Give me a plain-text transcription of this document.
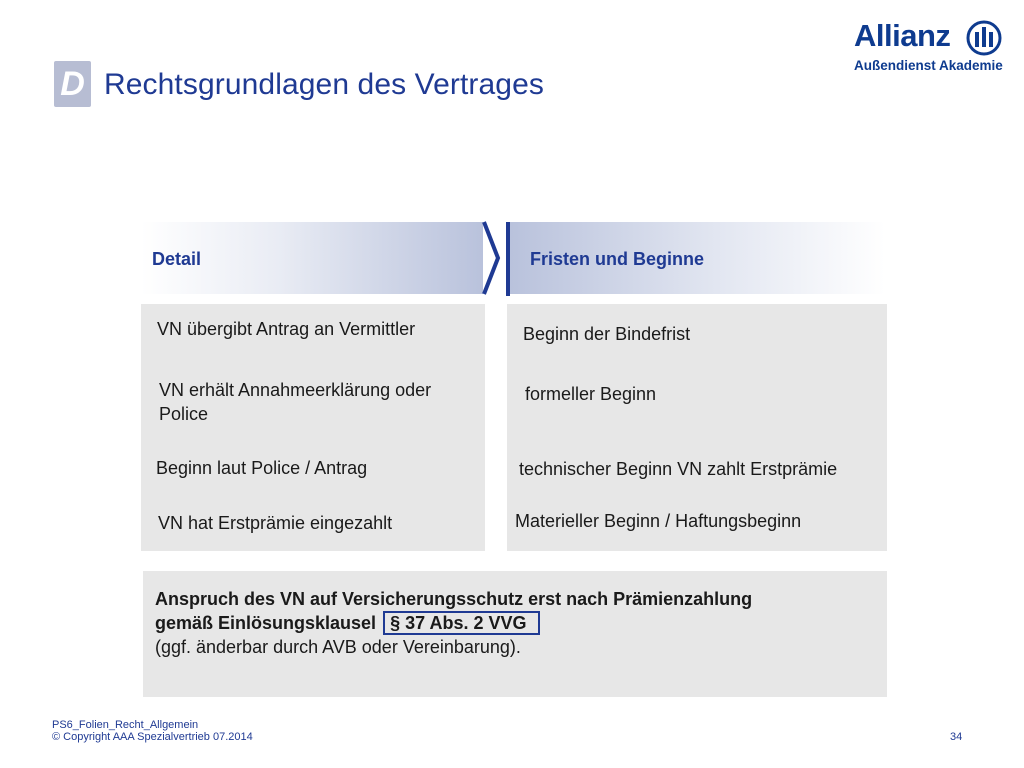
D Rechtsgrundlagen des Vertrages
Allianz
Außendienst Akademie
Detail	Fristen und Beginne
VN übergibt Antrag an Vermittler
VN erhält Annahmeerklärung oder
Police
Beginn laut Police / Antrag
VN hat Erstprämie eingezahlt
Beginn der Bindefrist
formeller Beginn
technischer Beginn VN zahlt Erstprämie
Materieller Beginn / Haftungsbeginn
Anspruch des VN auf Versicherungsschutz erst nach Prämienzahlung
gemäß Einlösungsklausel § 37 Abs. 2 VVG
(ggf. änderbar durch AVB oder Vereinbarung).
PS6_Folien_Recht_Allgemein
© Copyright AAA Spezialvertrieb 07.2014	34
